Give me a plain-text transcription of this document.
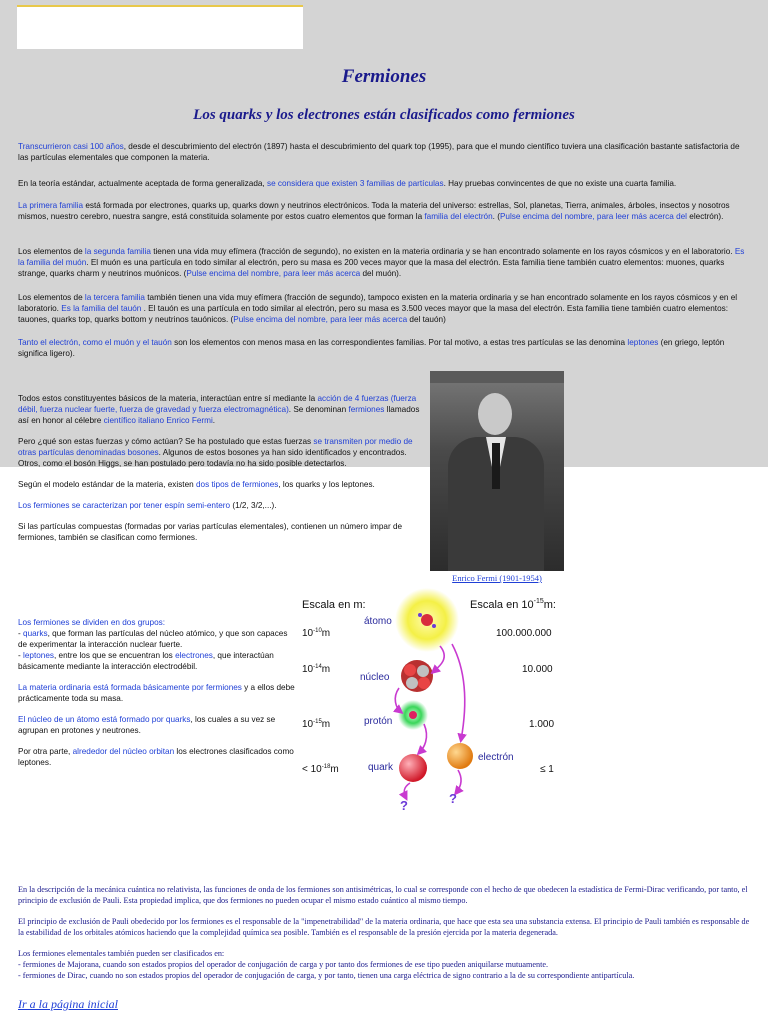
Fermiones
Los quarks y los electrones están clasificados como fermiones

Transcurrieron casi 100 años, desde el descubrimiento del electrón (1897) hasta el descubrimiento del quark top (1995), para que el mundo científico tuviera una clasificación bastante satisfactoria de las partículas elementales que componen la materia.

En la teoría estándar, actualmente aceptada de forma generalizada, se considera que existen 3 familias de partículas. Hay pruebas convincentes de que no existe una cuarta familia.

La primera familia está formada por electrones, quarks up, quarks down y neutrinos electrónicos. Toda la materia del universo: estrellas, Sol, planetas, Tierra, animales, árboles, insectos y nosotros mismos, nuestro cerebro, nuestra sangre, está constituida solamente por estos cuatro elementos que forman la familia del electrón. (Pulse encima del nombre, para leer más acerca del electrón).

Los elementos de la segunda familia tienen una vida muy efímera (fracción de segundo), no existen en la materia ordinaria y se han encontrado solamente en los rayos cósmicos y en el laboratorio. Es la familia del muón. El muón es una partícula en todo similar al electrón, pero su masa es 200 veces mayor que la masa del electrón. Esta familia tiene también cuatro elementos: muones, quarks strange, quarks charm y neutrinos muónicos. (Pulse encima del nombre, para leer más acerca del muón).

Los elementos de la tercera familia también tienen una vida muy efímera (fracción de segundo), tampoco existen en la materia ordinaria y se han encontrado solamente en los rayos cósmicos y en el laboratorio. Es la familia del tauón . El tauón es una partícula en todo similar al electrón, pero su masa es 3.500 veces mayor que la masa del electrón. Esta familia tiene también cuatro elementos: tauones, quarks top, quarks bottom y neutrinos tauónicos. (Pulse encima del nombre, para leer más acerca del tauón)

Tanto el electrón, como el muón y el tauón son los elementos con menos masa en las correspondientes familias. Por tal motivo, a estas tres partículas se las denomina leptones (en griego, leptón significa ligero).

Todos estos constituyentes básicos de la materia, interactúan entre sí mediante la acción de 4 fuerzas (fuerza débil, fuerza nuclear fuerte, fuerza de gravedad y fuerza electromagnética). Se denominan fermiones llamados así en honor al célebre científico italiano Enrico Fermi.

Pero ¿qué son estas fuerzas y cómo actúan? Se ha postulado que estas fuerzas se transmiten por medio de otras partículas denominadas bosones. Algunos de estos bosones ya han sido identificados y encontrados. Otros, como el bosón Higgs, se han postulado pero todavía no ha sido posible detectarlos.

Según el modelo estándar de la materia, existen dos tipos de fermiones, los quarks y los leptones.

Los fermiones se caracterizan por tener espín semi-entero (1/2, 3/2,...).

Si las partículas compuestas (formadas por varias partículas elementales), contienen un número impar de fermiones, también se clasifican como fermiones.

Enrico Fermi (1901-1954)

Los fermiones se dividen en dos grupos:
- quarks, que forman las partículas del núcleo atómico, y que son capaces de experimentar la interacción nuclear fuerte.
- leptones, entre los que se encuentran los electrones, que interactúan básicamente mediante la interacción electrodébil.

La materia ordinaria está formada básicamente por fermiones y a ellos debe prácticamente toda su masa.

El núcleo de un átomo está formado por quarks, los cuales a su vez se agrupan en protones y neutrones.

Por otra parte, alrededor del núcleo orbitan los electrones clasificados como leptones.

Escala en m:	Escala en $10^{-15}m$:
átomo
$10^{-10}m$	100.000.000
núcleo
$10^{-14}m$	10.000
protón
$10^{-15}m$	1.000
quark
< $10^{-18}m$	≤ 1
electrón
?	?

En la descripción de la mecánica cuántica no relativista, las funciones de onda de los fermiones son antisimétricas, lo cual se corresponde con el hecho de que obedecen la estadística de Fermi-Dirac verificando, por tanto, el principio de exclusión de Pauli. Esta propiedad implica, que dos fermiones no pueden ocupar el mismo estado cuántico al mismo tiempo.

El principio de exclusión de Pauli obedecido por los fermiones es el responsable de la "impenetrabilidad" de la materia ordinaria, que hace que esta sea una substancia extensa. El principio de Pauli también es responsable de la estabilidad de los orbitales atómicos haciendo que la complejidad química sea posible. También es el responsable de la presión ejercida por la materia degenerada.

Los fermiones elementales también pueden ser clasificados en:
- fermiones de Majorana, cuando son estados propios del operador de conjugación de carga y por tanto dos fermiones de ese tipo pueden aniquilarse mutuamente.
- fermiones de Dirac, cuando no son estados propios del operador de conjugación de carga, y por tanto, tienen una carga eléctrica de signo contrario a la de su correspondiente antipartícula.

Ir a la página inicial
